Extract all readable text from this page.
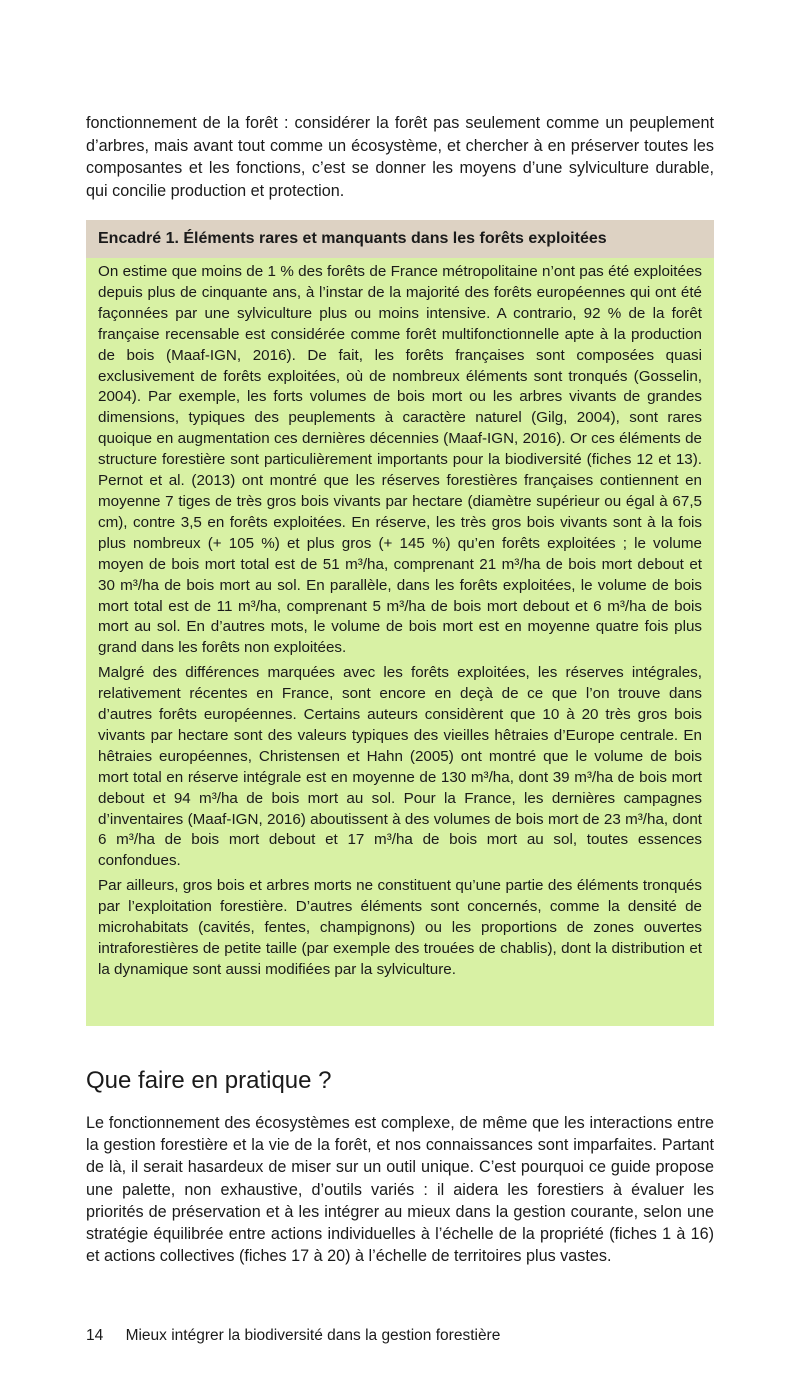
fonctionnement de la forêt : considérer la forêt pas seulement comme un peuplement d’arbres, mais avant tout comme un écosystème, et chercher à en préserver toutes les composantes et les fonctions, c’est se donner les moyens d’une sylviculture durable, qui concilie production et protection.

Encadré 1. Éléments rares et manquants dans les forêts exploitées

On estime que moins de 1 % des forêts de France métropolitaine n’ont pas été exploitées depuis plus de cinquante ans, à l’instar de la majorité des forêts européennes qui ont été façonnées par une sylviculture plus ou moins intensive. A contrario, 92 % de la forêt française recensable est considérée comme forêt multifonctionnelle apte à la production de bois (Maaf-IGN, 2016). De fait, les forêts françaises sont composées quasi exclusivement de forêts exploitées, où de nombreux éléments sont tronqués (Gosselin, 2004). Par exemple, les forts volumes de bois mort ou les arbres vivants de grandes dimensions, typiques des peuplements à caractère naturel (Gilg, 2004), sont rares quoique en augmentation ces dernières décennies (Maaf-IGN, 2016). Or ces éléments de structure forestière sont particulièrement importants pour la biodiversité (fiches 12 et 13). Pernot et al. (2013) ont montré que les réserves forestières françaises contiennent en moyenne 7 tiges de très gros bois vivants par hectare (diamètre supérieur ou égal à 67,5 cm), contre 3,5 en forêts exploitées. En réserve, les très gros bois vivants sont à la fois plus nombreux (+ 105 %) et plus gros (+ 145 %) qu’en forêts exploitées ; le volume moyen de bois mort total est de 51 m³/ha, comprenant 21 m³/ha de bois mort debout et 30 m³/ha de bois mort au sol. En parallèle, dans les forêts exploitées, le volume de bois mort total est de 11 m³/ha, comprenant 5 m³/ha de bois mort debout et 6 m³/ha de bois mort au sol. En d’autres mots, le volume de bois mort est en moyenne quatre fois plus grand dans les forêts non exploitées.

Malgré des différences marquées avec les forêts exploitées, les réserves intégrales, relativement récentes en France, sont encore en deçà de ce que l’on trouve dans d’autres forêts européennes. Certains auteurs considèrent que 10 à 20 très gros bois vivants par hectare sont des valeurs typiques des vieilles hêtraies d’Europe centrale. En hêtraies européennes, Christensen et Hahn (2005) ont montré que le volume de bois mort total en réserve intégrale est en moyenne de 130 m³/ha, dont 39 m³/ha de bois mort debout et 94 m³/ha de bois mort au sol. Pour la France, les dernières campagnes d’inventaires (Maaf-IGN, 2016) aboutissent à des volumes de bois mort de 23 m³/ha, dont 6 m³/ha de bois mort debout et 17 m³/ha de bois mort au sol, toutes essences confondues.

Par ailleurs, gros bois et arbres morts ne constituent qu’une partie des éléments tronqués par l’exploitation forestière. D’autres éléments sont concernés, comme la densité de microhabitats (cavités, fentes, champignons) ou les proportions de zones ouvertes intraforestières de petite taille (par exemple des trouées de chablis), dont la distribution et la dynamique sont aussi modifiées par la sylviculture.

Que faire en pratique ?

Le fonctionnement des écosystèmes est complexe, de même que les interactions entre la gestion forestière et la vie de la forêt, et nos connaissances sont imparfaites. Partant de là, il serait hasardeux de miser sur un outil unique. C’est pourquoi ce guide propose une palette, non exhaustive, d’outils variés : il aidera les forestiers à évaluer les priorités de préservation et à les intégrer au mieux dans la gestion courante, selon une stratégie équilibrée entre actions individuelles à l’échelle de la propriété (fiches 1 à 16) et actions collectives (fiches 17 à 20) à l’échelle de territoires plus vastes.

14 Mieux intégrer la biodiversité dans la gestion forestière
